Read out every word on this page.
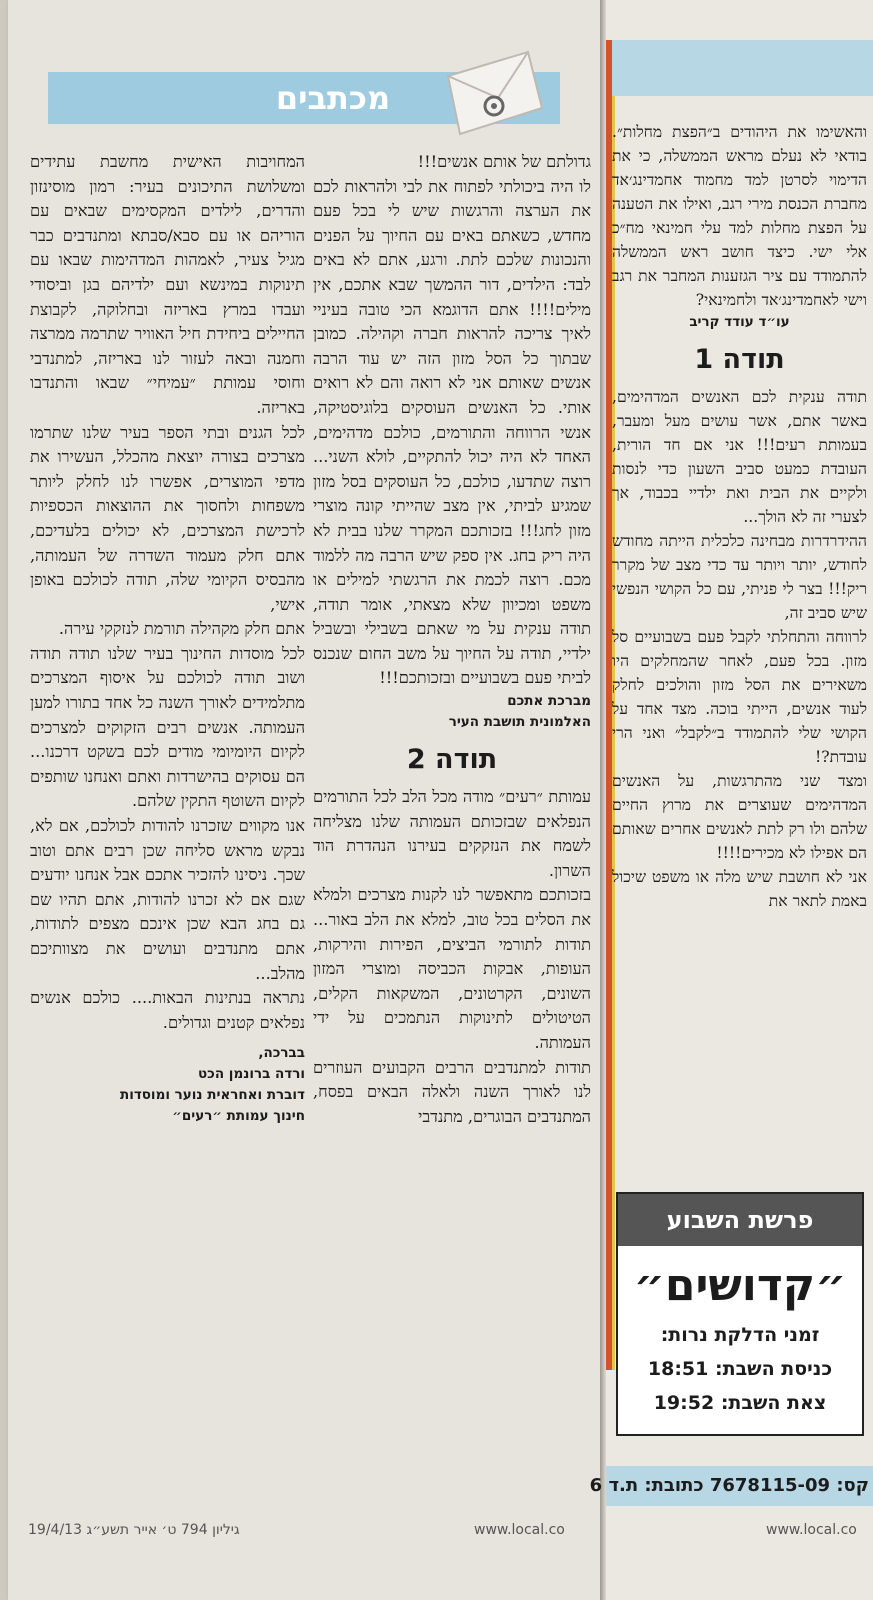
מכתבים

גדולתם של אותם אנשים!!!

לו היה ביכולתי לפתוח את לבי ולהראות לכם את הערצה והרגשות שיש לי בכל פעם מחדש, כשאתם באים עם החיוך על הפנים והנכונות שלכם לתת. ורגע, אתם לא באים לבד: הילדים, דור ההמשך שבא אתכם, אין מילים!!!! אתם הדוגמא הכי טובה בעיניי לאיך צריכה להראות חברה וקהילה. כמובן שבתוך כל הסל מזון הזה יש עוד הרבה אנשים שאותם אני לא רואה והם לא רואים אותי. כל האנשים העוסקים בלוגיסטיקה, אנשי הרווחה והתורמים, כולכם מדהימים, האחד לא היה יכול להתקיים, לולא השני... רוצה שתדעו, כולכם, כל העוסקים בסל מזון שמגיע לביתי, אין מצב שהייתי קונה מוצרי מזון לחג!!! בזכותכם המקרר שלנו בבית לא היה ריק בחג. אין ספק שיש הרבה מה ללמוד מכם. רוצה לכמת את הרגשתי למילים או משפט ומכיוון שלא מצאתי, אומר תודה, תודה ענקית על מי שאתם בשבילי ובשביל ילדיי, תודה על החיוך על משב החום שנכנס לביתי פעם בשבועיים ובזכותכם!!!

מברכת אתכם
האלמונית תושבת העיר
תודה 2

עמותת ״רעים״ מודה מכל הלב לכל התורמים הנפלאים שבזכותם העמותה שלנו מצליחה לשמח את הנזקקים בעירנו הנהדרת הוד השרון.

בזכותכם מתאפשר לנו לקנות מצרכים ולמלא את הסלים בכל טוב, למלא את הלב באור... תודות לתורמי הביצים, הפירות והירקות, העופות, אבקות הכביסה ומוצרי המזון השונים, הקרטונים, המשקאות הקלים, הטיטולים לתינוקות הנתמכים על ידי העמותה.

תודות למתנדבים הרבים הקבועים העוזרים לנו לאורך השנה ולאלה הבאים בפסח, המתנדבים הבוגרים, מתנדבי

המחויבות האישית מחשבת עתידים ומשלושת התיכונים בעיר: רמון מוסינזון והדרים, לילדים המקסימים שבאים עם הוריהם או עם סבא/סבתא ומתנדבים כבר מגיל צעיר, לאמהות המדהימות שבאו עם תינוקות במינשא ועם ילדיהם בגן וביסודי ועבדו במרץ באריזה ובחלוקה, לקבוצת החיילים ביחידת חיל האוויר שתרמה ממרצה וחמנה ובאה לעזור לנו באריזה, למתנדבי וחוסי עמותת ״עמיחי״ שבאו והתנדבו באריזה.

לכל הגנים ובתי הספר בעיר שלנו שתרמו מצרכים בצורה יוצאת מהכלל, העשירו את מדפי המוצרים, אפשרו לנו לחלק ליותר משפחות ולחסוך את ההוצאות הכספיות לרכישת המצרכים, לא יכולים בלעדיכם, אתם חלק מעמוד השדרה של העמותה, מהבסיס הקיומי שלה, תודה לכולכם באופן אישי,

אתם חלק מקהילה תורמת לנזקקי עירה.

לכל מוסדות החינוך בעיר שלנו תודה תודה ושוב תודה לכולכם על איסוף המצרכים מתלמידים לאורך השנה כל אחד בתורו למען העמותה. אנשים רבים הזקוקים למצרכים לקיום היומיומי מודים לכם בשקט דרכנו... הם עסוקים בהישרדות ואתם ואנחנו שותפים לקיום השוטף התקין שלהם.

אנו מקווים שזכרנו להודות לכולכם, אם לא, נבקש מראש סליחה שכן רבים אתם וטוב שכך. ניסינו להזכיר אתכם אבל אנחנו יודעים שגם אם לא זכרנו להודות, אתם תהיו שם גם בחג הבא שכן אינכם מצפים לתודות, אתם מתנדבים ועושים את מצוותיכם מהלב...

נתראה בנתינות הבאות.... כולכם אנשים נפלאים קטנים וגדולים.

בברכה,
ורדה ברונמן הכט
דוברת ואחראית נוער ומוסדות
חינוך עמותת ״רעים״
גיליון 794 ט׳ אייר תשע״ג 19/4/13	www.local.co

והאשימו את היהודים ב״הפצת מחלות״. בודאי לא נעלם מראש הממשלה, כי את הדימוי לסרטן למד מחמוד אחמדינג׳אד מחברת הכנסת מירי רגב, ואילו את הטענה על הפצת מחלות למד עלי חמינאי מח״כ אלי ישי. כיצד חושב ראש הממשלה להתמודד עם ציר הגזענות המחבר את רגב וישי לאחמדינג׳אד ולחמינאי?

עו״ד עודד קריב
תודה 1

תודה ענקית לכם האנשים המדהימים, באשר אתם, אשר עושים מעל ומעבר, בעמותת רעים!!! אני אם חד הורית, העובדת כמעט סביב השעון כדי לנסות ולקיים את הבית ואת ילדיי בכבוד, אך לצערי זה לא הולך...

ההידרדרות מבחינה כלכלית הייתה מחודש לחודש, יותר ויותר עד כדי מצב של מקרר ריק!!! בצר לי פניתי, עם כל הקושי הנפשי שיש סביב זה,

לרווחה והתחלתי לקבל פעם בשבועיים סל מזון. בכל פעם, לאחר שהמחלקים היו משאירים את הסל מזון והולכים לחלק לעוד אנשים, הייתי בוכה. מצד אחד על הקושי שלי להתמודד ב״לקבל״ ואני הרי עובדת?!

ומצד שני מהתרגשות, על האנשים המדהימים שעוצרים את מרוץ החיים שלהם ולו רק לתת לאנשים אחרים שאותם הם אפילו לא מכירים!!!!

אני לא חושבת שיש מלה או משפט שיכול באמת לתאר את

פרשת השבוע
״קדושים״
זמני הדלקת נרות:
כניסת השבת: 18:51
צאת השבת: 19:52
קס: 7678115-09 כתובת: ת.ד 6
www.local.co
